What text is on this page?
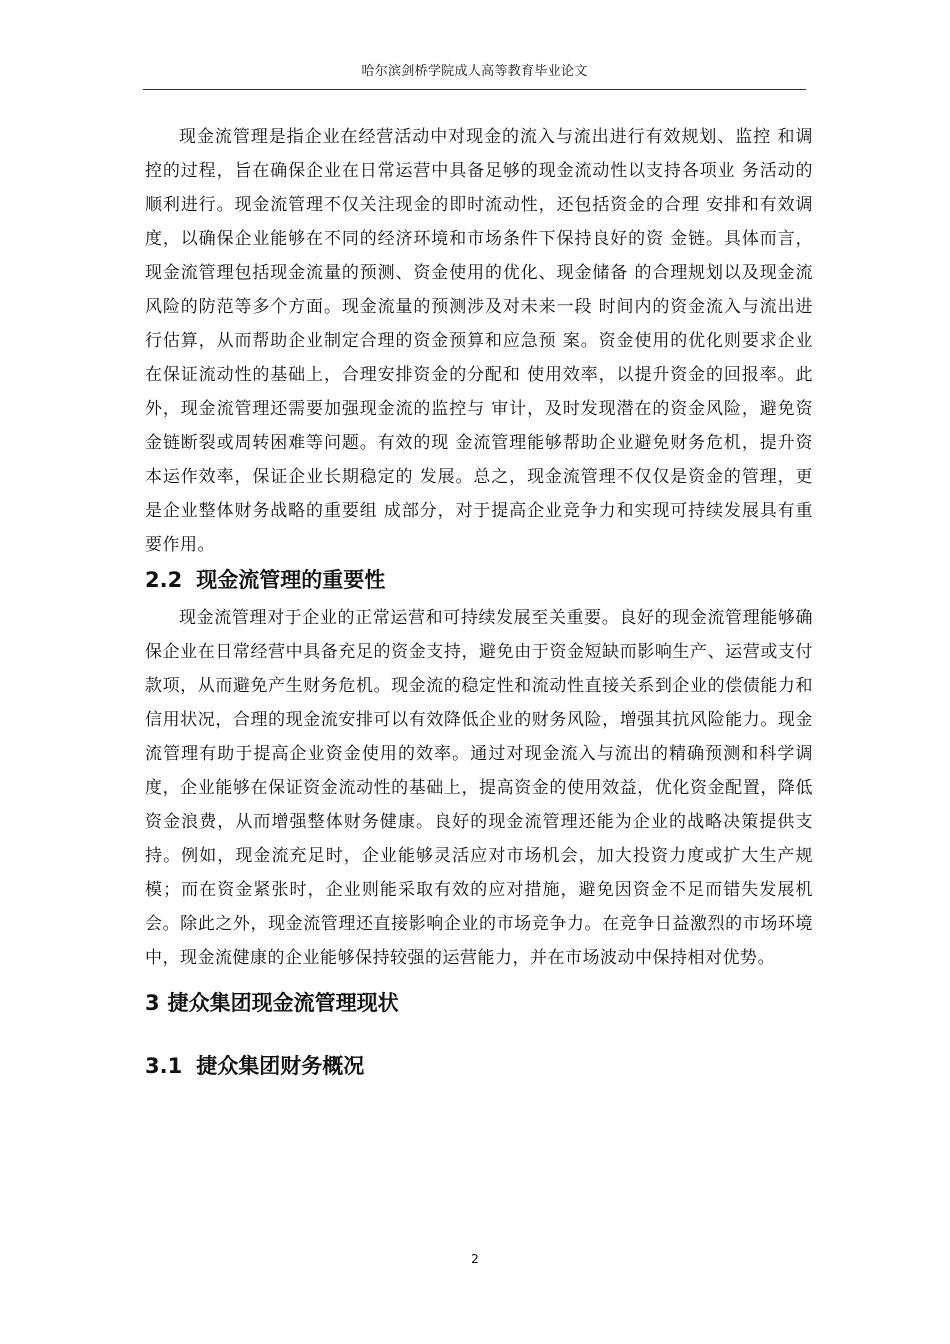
哈尔滨剑桥学院成人高等教育毕业论文

现金流管理是指企业在经营活动中对现金的流入与流出进行有效规划、监控 和调控的过程，旨在确保企业在日常运营中具备足够的现金流动性以支持各项业 务活动的顺利进行。现金流管理不仅关注现金的即时流动性，还包括资金的合理 安排和有效调度，以确保企业能够在不同的经济环境和市场条件下保持良好的资 金链。具体而言，现金流管理包括现金流量的预测、资金使用的优化、现金储备 的合理规划以及现金流风险的防范等多个方面。现金流量的预测涉及对未来一段 时间内的资金流入与流出进行估算，从而帮助企业制定合理的资金预算和应急预 案。资金使用的优化则要求企业在保证流动性的基础上，合理安排资金的分配和 使用效率，以提升资金的回报率。此外，现金流管理还需要加强现金流的监控与 审计，及时发现潜在的资金风险，避免资金链断裂或周转困难等问题。有效的现 金流管理能够帮助企业避免财务危机，提升资本运作效率，保证企业长期稳定的 发展。总之，现金流管理不仅仅是资金的管理，更是企业整体财务战略的重要组 成部分，对于提高企业竞争力和实现可持续发展具有重要作用。

2.2 现金流管理的重要性

现金流管理对于企业的正常运营和可持续发展至关重要。良好的现金流管理能够确保企业在日常经营中具备充足的资金支持，避免由于资金短缺而影响生产、运营或支付款项，从而避免产生财务危机。现金流的稳定性和流动性直接关系到企业的偿债能力和信用状况，合理的现金流安排可以有效降低企业的财务风险，增强其抗风险能力。现金流管理有助于提高企业资金使用的效率。通过对现金流入与流出的精确预测和科学调度，企业能够在保证资金流动性的基础上，提高资金的使用效益，优化资金配置，降低资金浪费，从而增强整体财务健康。良好的现金流管理还能为企业的战略决策提供支持。例如，现金流充足时，企业能够灵活应对市场机会，加大投资力度或扩大生产规模；而在资金紧张时，企业则能采取有效的应对措施，避免因资金不足而错失发展机会。除此之外，现金流管理还直接影响企业的市场竞争力。在竞争日益激烈的市场环境中，现金流健康的企业能够保持较强的运营能力，并在市场波动中保持相对优势。

3 捷众集团现金流管理现状
3.1 捷众集团财务概况
2
